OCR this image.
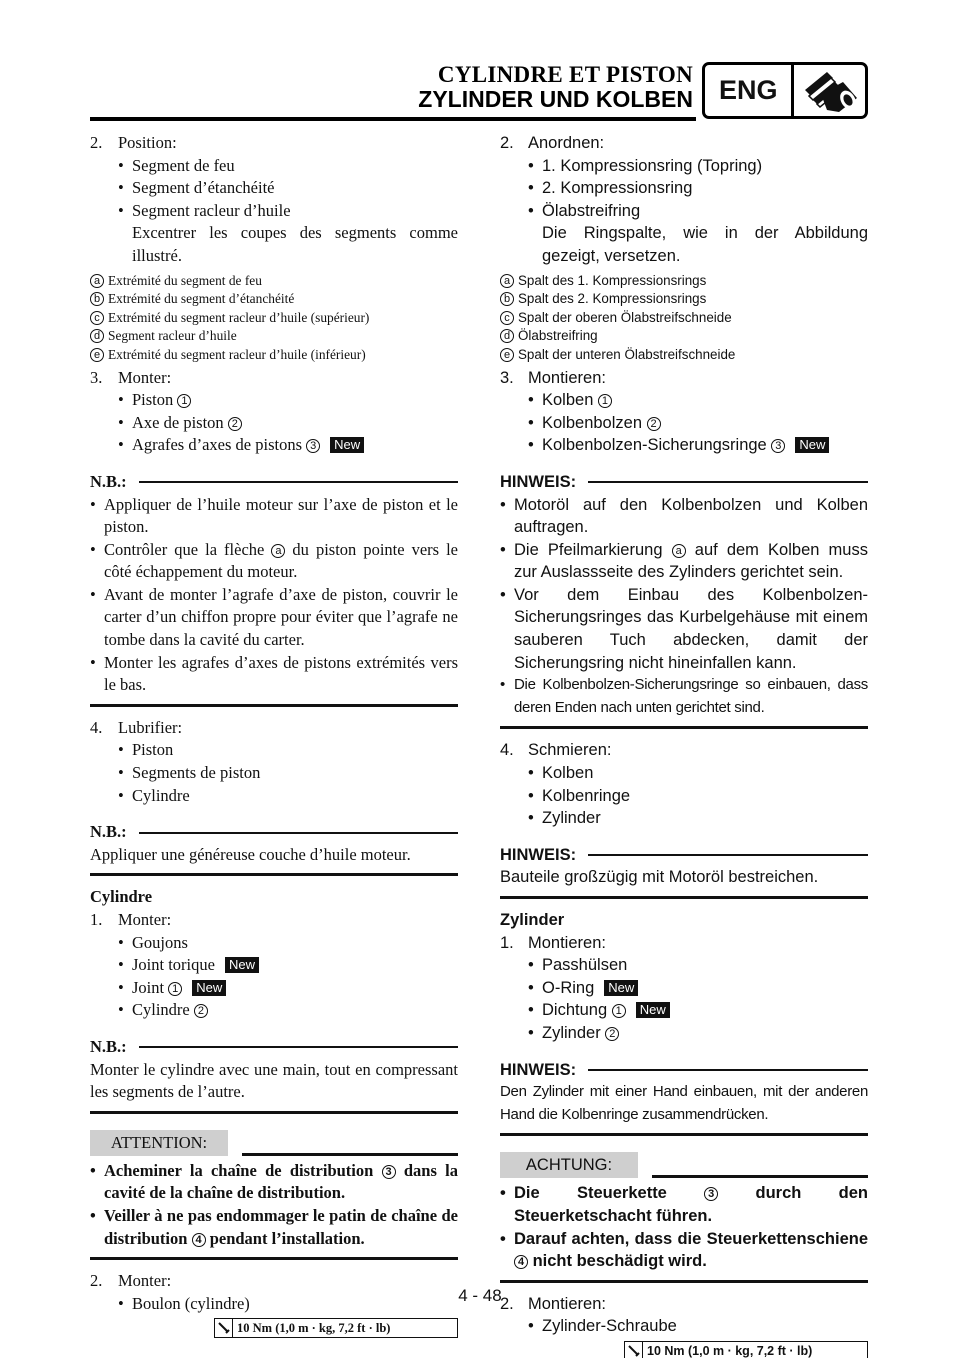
CYLINDRE ET PISTON
ZYLINDER UND KOLBEN ENG
2. Position:
• Segment de feu
• Segment d’étanchéité
• Segment racleur d’huile
Excentrer les coupes des segments comme illustré.
a Extrémité du segment de feu
b Extrémité du segment d’étanchéité
c Extrémité du segment racleur d’huile (supérieur)
d Segment racleur d’huile
e Extrémité du segment racleur d’huile (inférieur)
3. Monter:
• Piston 1
• Axe de piston 2
• Agrafes d’axes de pistons 3 New
N.B.:
• Appliquer de l’huile moteur sur l’axe de piston et le piston.
• Contrôler que la flèche a du piston pointe vers le côté échappement du moteur.
• Avant de monter l’agrafe d’axe de piston, couvrir le carter d’un chiffon propre pour éviter que l’agrafe ne tombe dans la cavité du carter.
• Monter les agrafes d’axes de pistons extrémités vers le bas.
4. Lubrifier:
• Piston
• Segments de piston
• Cylindre
N.B.:
Appliquer une généreuse couche d’huile moteur.
Cylindre
1. Monter:
• Goujons
• Joint torique New
• Joint 1 New
• Cylindre 2
N.B.:
Monter le cylindre avec une main, tout en compressant les segments de l’autre.
ATTENTION:
• Acheminer la chaîne de distribution 3 dans la cavité de la chaîne de distribution.
• Veiller à ne pas endommager le patin de chaîne de distribution 4 pendant l’installation.
2. Monter:
• Boulon (cylindre)
10 Nm (1,0 m · kg, 7,2 ft · lb)
2. Anordnen:
• 1. Kompressionsring (Topring)
• 2. Kompressionsring
• Ölabstreifring
Die Ringspalte, wie in der Abbildung gezeigt, versetzen.
a Spalt des 1. Kompressionsrings
b Spalt des 2. Kompressionsrings
c Spalt der oberen Ölabstreifschneide
d Ölabstreifring
e Spalt der unteren Ölabstreifschneide
3. Montieren:
• Kolben 1
• Kolbenbolzen 2
• Kolbenbolzen-Sicherungsringe 3 New
HINWEIS:
• Motoröl auf den Kolbenbolzen und Kolben auftragen.
• Die Pfeilmarkierung a auf dem Kolben muss zur Auslassseite des Zylinders gerichtet sein.
• Vor dem Einbau des Kolbenbolzen-Sicherungsringes das Kurbelgehäuse mit einem sauberen Tuch abdecken, damit der Sicherungsring nicht hineinfallen kann.
• Die Kolbenbolzen-Sicherungsringe so einbauen, dass deren Enden nach unten gerichtet sind.
4. Schmieren:
• Kolben
• Kolbenringe
• Zylinder
HINWEIS:
Bauteile großzügig mit Motoröl bestreichen.
Zylinder
1. Montieren:
• Passhülsen
• O-Ring New
• Dichtung 1 New
• Zylinder 2
HINWEIS:
Den Zylinder mit einer Hand einbauen, mit der anderen Hand die Kolbenringe zusammendrücken.
ACHTUNG:
• Die Steuerkette	3	durch den Steuerketschacht führen.
• Darauf achten, dass die Steuerkettenschiene 4 nicht beschädigt wird.
2. Montieren:
• Zylinder-Schraube
10 Nm (1,0 m · kg, 7,2 ft · lb)
4 - 48
